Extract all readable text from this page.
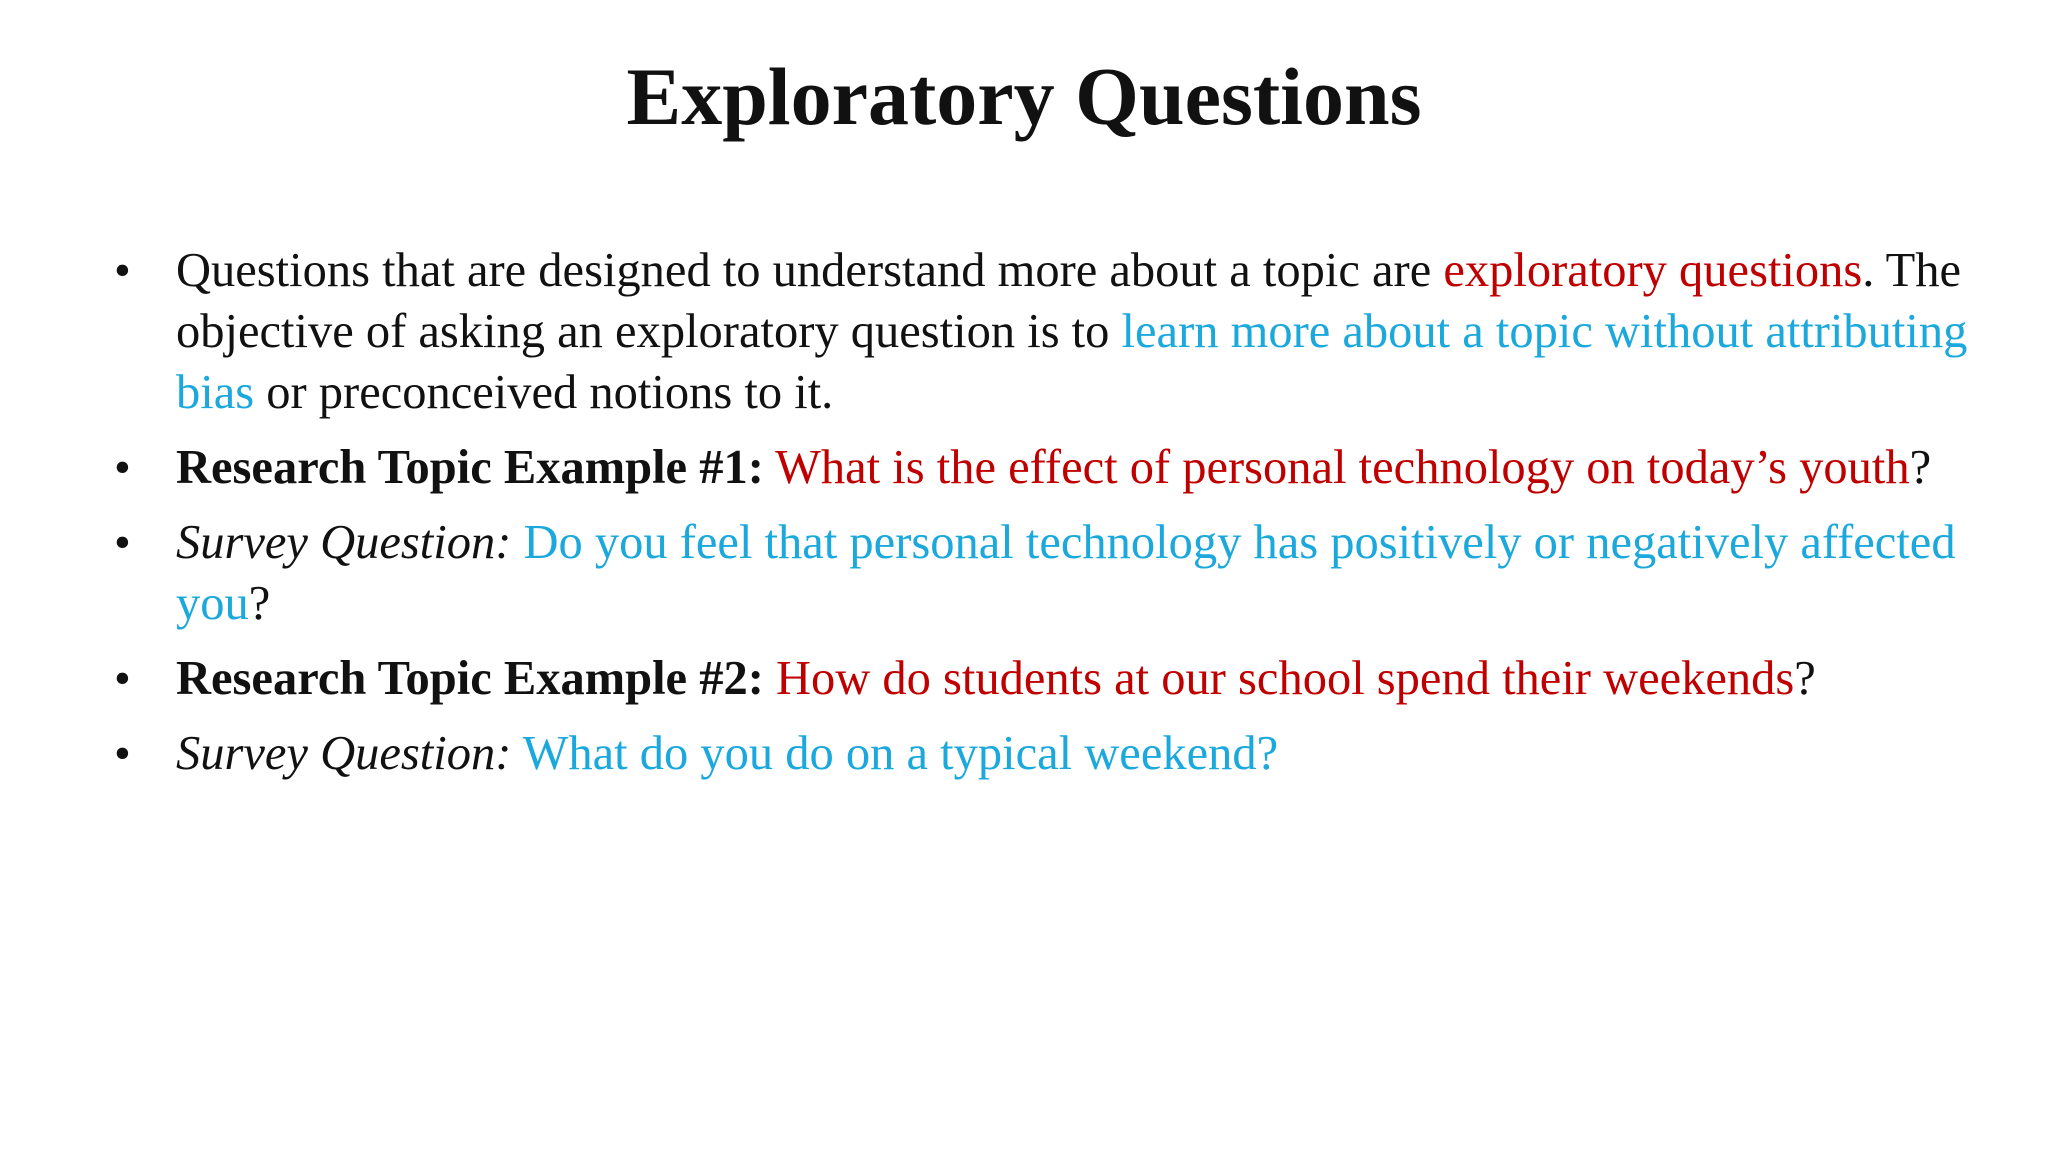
Exploratory Questions
• Questions that are designed to understand more about a topic are exploratory questions. The objective of asking an exploratory question is to learn more about a topic without attributing bias or preconceived notions to it.
• Research Topic Example #1: What is the effect of personal technology on today’s youth?
• Survey Question: Do you feel that personal technology has positively or negatively affected you?
• Research Topic Example #2: How do students at our school spend their weekends?
• Survey Question: What do you do on a typical weekend?
